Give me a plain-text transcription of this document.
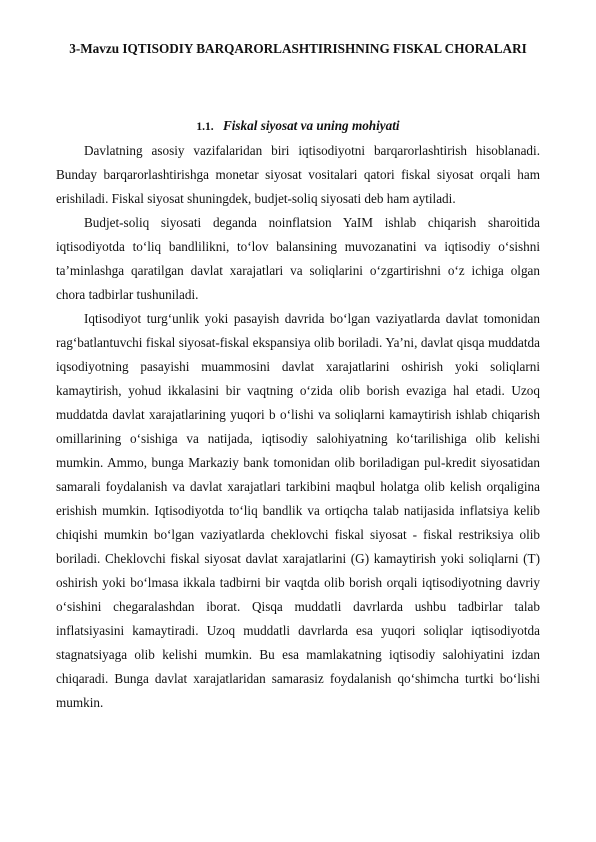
3-Mavzu IQTISODIY BARQARORLASHTIRISHNING FISKAL CHORALARI
1.1. Fiskal siyosat va uning mohiyati

Davlatning asosiy vazifalaridan biri iqtisodiyotni barqarorlashtirish hisoblanadi. Bunday barqarorlashtirishga monetar siyosat vositalari qatori fiskal siyosat orqali ham erishiladi. Fiskal siyosat shuningdek, budjet-soliq siyosati deb ham aytiladi.

Budjet-soliq siyosati deganda noinflatsion YaIM ishlab chiqarish sharoitida iqtisodiyotda to‘liq bandlilikni, to‘lov balansining muvozanatini va iqtisodiy o‘sishni ta’minlashga qaratilgan davlat xarajatlari va soliqlarini o‘zgartirishni o‘z ichiga olgan chora tadbirlar tushuniladi.

Iqtisodiyot turg‘unlik yoki pasayish davrida bo‘lgan vaziyatlarda davlat tomonidan rag‘batlantuvchi fiskal siyosat-fiskal ekspansiya olib boriladi. Ya’ni, davlat qisqa muddatda iqsodiyotning pasayishi muammosini davlat xarajatlarini oshirish yoki soliqlarni kamaytirish, yohud ikkalasini bir vaqtning o‘zida olib borish evaziga hal etadi. Uzoq muddatda davlat xarajatlarining yuqori b o‘lishi va soliqlarni kamaytirish ishlab chiqarish omillarining o‘sishiga va natijada, iqtisodiy salohiyatning ko‘tarilishiga olib kelishi mumkin. Ammo, bunga Markaziy bank tomonidan olib boriladigan pul-kredit siyosatidan samarali foydalanish va davlat xarajatlari tarkibini maqbul holatga olib kelish orqaligina erishish mumkin. Iqtisodiyotda to‘liq bandlik va ortiqcha talab natijasida inflatsiya kelib chiqishi mumkin bo‘lgan vaziyatlarda cheklovchi fiskal siyosat - fiskal restriksiya olib boriladi. Cheklovchi fiskal siyosat davlat xarajatlarini (G) kamaytirish yoki soliqlarni (T) oshirish yoki bo‘lmasa ikkala tadbirni bir vaqtda olib borish orqali iqtisodiyotning davriy o‘sishini chegaralashdan iborat. Qisqa muddatli davrlarda ushbu tadbirlar talab inflatsiyasini kamaytiradi. Uzoq muddatli davrlarda esa yuqori soliqlar iqtisodiyotda stagnatsiyaga olib kelishi mumkin. Bu esa mamlakatning iqtisodiy salohiyatini izdan chiqaradi. Bunga davlat xarajatlaridan samarasiz foydalanish qo‘shimcha turtki bo‘lishi mumkin.
